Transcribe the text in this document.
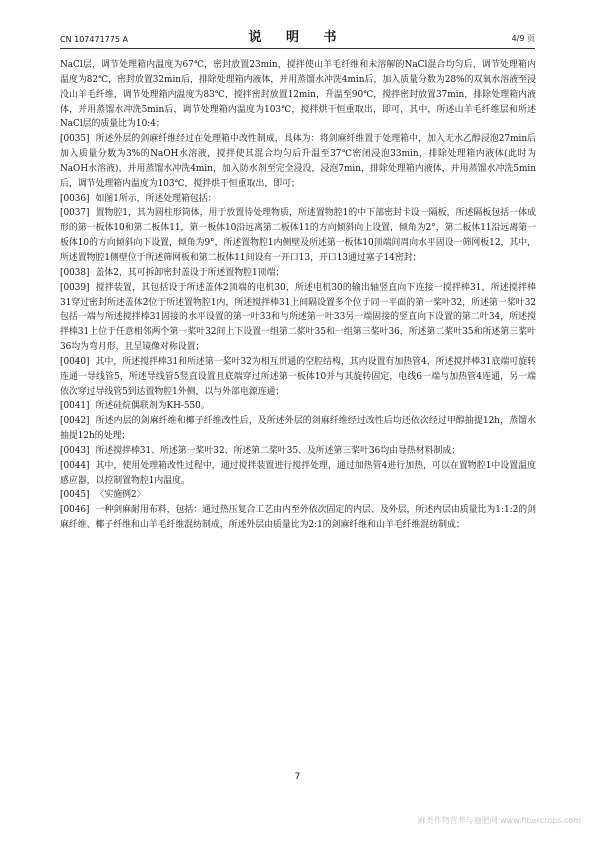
CN 107471775 A	说 明 书	4/9 页

NaCl层，调节处理箱内温度为67℃，密封放置23min，搅拌使山羊毛纤维和未溶解的NaCl混合均匀后，调节处理箱内温度为82℃，密封放置32min后，排除处理箱内液体，并用蒸馏水冲洗4min后，加入质量分数为28%的双氧水溶液至浸没山羊毛纤维，调节处理箱内温度为83℃，搅拌密封放置12min，升温至90℃，搅拌密封放置37min，排除处理箱内液体，并用蒸馏水冲洗5min后，调节处理箱内温度为103℃，搅拌烘干恒重取出，即可，其中，所述山羊毛纤维层和所述NaCl层的质量比为10:4；

[0035] 所述外层的剑麻纤维经过在处理箱中改性制成，具体为：将剑麻纤维置于处理箱中，加入无水乙醇浸泡27min后加入质量分数为3%的NaOH水溶液，搅拌使其混合均匀后升温至37℃密闭浸泡33min，排除处理箱内液体(此时为NaOH水溶液)，并用蒸馏水冲洗4min，加入防水剂至完全浸没，浸泡7min，排除处理箱内液体，并用蒸馏水冲洗5min后，调节处理箱内温度为103℃，搅拌烘干恒重取出，即可；

[0036] 如图1所示，所述处理箱包括：

[0037] 置物腔1，其为圆柱形筒体，用于放置待处理物质，所述置物腔1的中下部密封卡设一隔板，所述隔板包括一体成形的第一板体10和第二板体11，第一板体10沿远离第二板体11的方向倾斜向上设置，倾角为2°，第二板体11沿远离第一板体10的方向倾斜向下设置，倾角为9°，所述置物腔1内侧壁及所述第一板体10顶端间周向水平固设一筛网板12，其中，所述置物腔1侧壁位于所述筛网板和第二板体11间设有一开口13，开口13通过塞子14密封；

[0038] 盖体2，其可拆卸密封盖设于所述置物腔1顶端；

[0039] 搅拌装置，其包括设于所述盖体2顶端的电机30，所述电机30的输出轴竖直向下连接一搅拌棒31，所述搅拌棒31穿过密封所述盖体2位于所述置物腔1内，所述搅拌棒31上间隔设置多个位于同一平面的第一桨叶32，所述第一桨叶32包括一端与所述搅拌棒31固接的水平设置的第一叶33和与所述第一叶33另一端固接的竖直向下设置的第二叶34，所述搅拌棒31上位于任意相邻两个第一桨叶32间上下设置一组第二桨叶35和一组第三桨叶36，所述第二桨叶35和所述第三桨叶36均为弯月形，且呈镜像对称设置；

[0040] 其中，所述搅拌棒31和所述第一桨叶32为相互贯通的空腔结构，其内设置有加热管4，所述搅拌棒31底端可旋转连通一导线管5，所述导线管5竖直设置且底端穿过所述第一板体10并与其旋转固定，电线6一端与加热管4连通，另一端依次穿过导线管5到达置物腔1外侧，以与外部电源连通；

[0041] 所述硅烷偶联剂为KH-550。

[0042] 所述内层的剑麻纤维和椰子纤维改性后，及所述外层的剑麻纤维经过改性后均还依次经过甲醇抽提12h，蒸馏水抽提12h的处理；

[0043] 所述搅拌棒31、所述第一桨叶32、所述第二桨叶35、及所述第三桨叶36均由导热材料制成；

[0044] 其中，使用处理箱改性过程中，通过搅拌装置进行搅拌处理，通过加热管4进行加热，可以在置物腔1中设置温度感应器，以控制置物腔1内温度。

[0045] 〈实施例2〉

[0046] 一种剑麻耐用布料，包括：通过热压复合工艺由内至外依次固定的内层、及外层，所述内层由质量比为1:1:2的剑麻纤维、椰子纤维和山羊毛纤维混纺制成，所述外层由质量比为2:1的剑麻纤维和山羊毛纤维混纺制成；

7
麻类作物营养与施肥网 www.fibercrops.com
